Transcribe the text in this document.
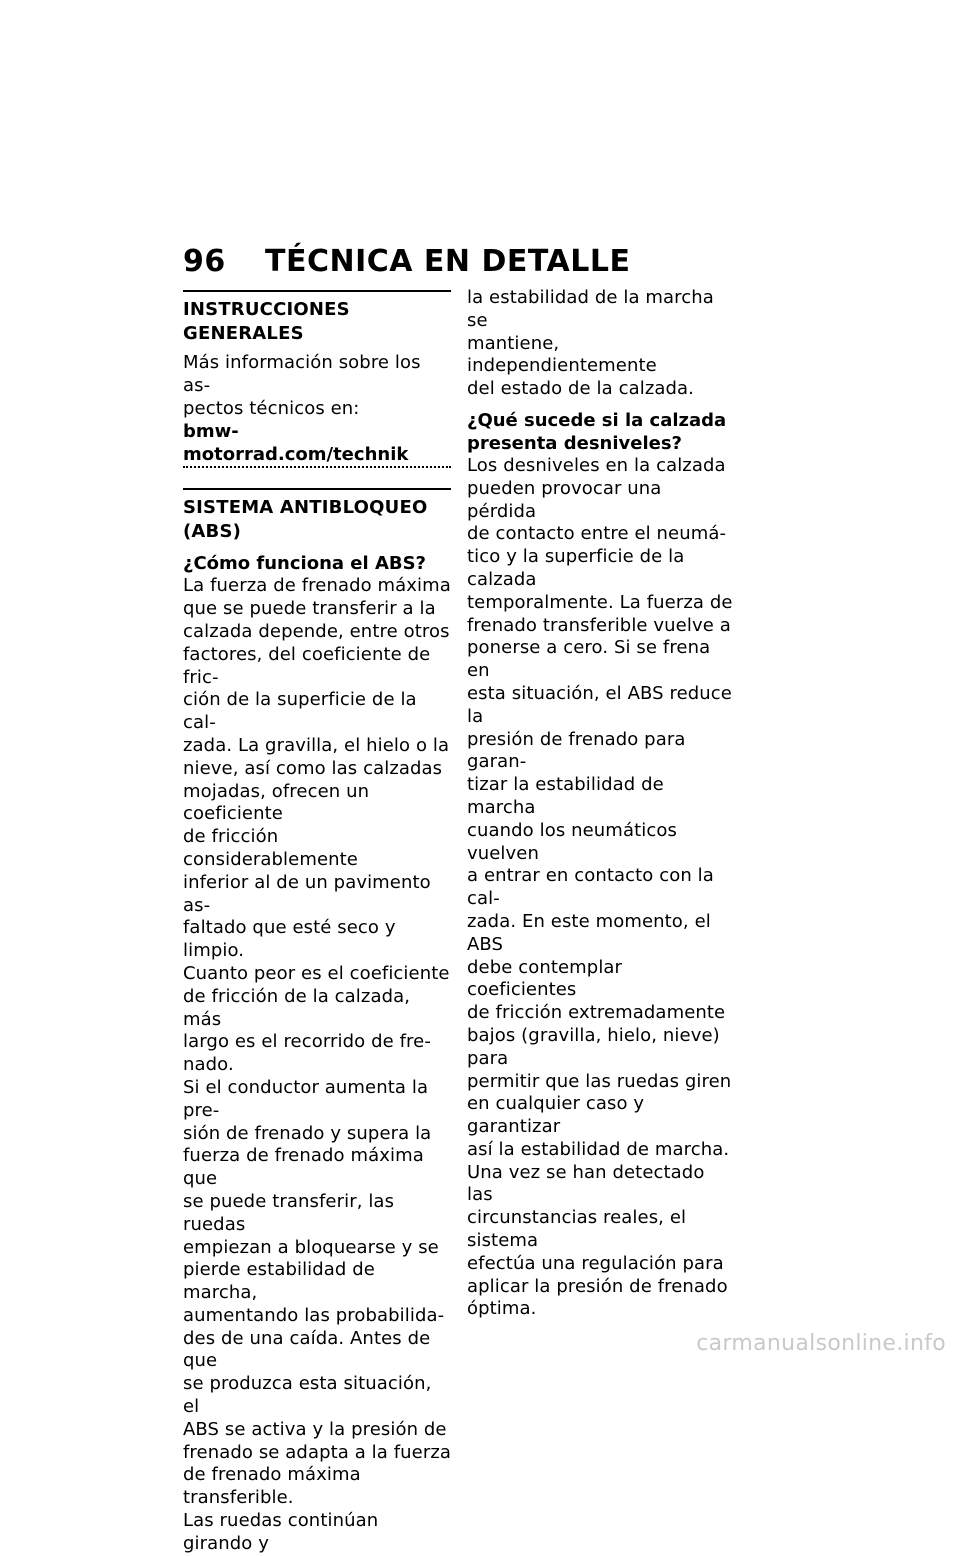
96 TÉCNICA EN DETALLE
INSTRUCCIONES GENERALES

Más información sobre los as-
pectos técnicos en:

bmw-motorrad.com/technik
SISTEMA ANTIBLOQUEO
(ABS)
¿Cómo funciona el ABS?

La fuerza de frenado máxima
que se puede transferir a la
calzada depende, entre otros
factores, del coeficiente de fric-
ción de la superficie de la cal-
zada. La gravilla, el hielo o la
nieve, así como las calzadas
mojadas, ofrecen un coeficiente
de fricción considerablemente
inferior al de un pavimento as-
faltado que esté seco y limpio.
Cuanto peor es el coeficiente
de fricción de la calzada, más
largo es el recorrido de fre-
nado.

Si el conductor aumenta la pre-
sión de frenado y supera la
fuerza de frenado máxima que
se puede transferir, las ruedas
empiezan a bloquearse y se
pierde estabilidad de marcha,
aumentando las probabilida-
des de una caída. Antes de que
se produzca esta situación, el
ABS se activa y la presión de
frenado se adapta a la fuerza
de frenado máxima transferible.
Las ruedas continúan girando y

la estabilidad de la marcha se
mantiene, independientemente
del estado de la calzada.

¿Qué sucede si la calzada
presenta desniveles?

Los desniveles en la calzada
pueden provocar una pérdida
de contacto entre el neumá-
tico y la superficie de la calzada
temporalmente. La fuerza de
frenado transferible vuelve a
ponerse a cero. Si se frena en
esta situación, el ABS reduce la
presión de frenado para garan-
tizar la estabilidad de marcha
cuando los neumáticos vuelven
a entrar en contacto con la cal-
zada. En este momento, el ABS
debe contemplar coeficientes
de fricción extremadamente
bajos (gravilla, hielo, nieve) para
permitir que las ruedas giren
en cualquier caso y garantizar
así la estabilidad de marcha.

Una vez se han detectado las
circunstancias reales, el sistema
efectúa una regulación para
aplicar la presión de frenado
óptima.

carmanualsonline.info
